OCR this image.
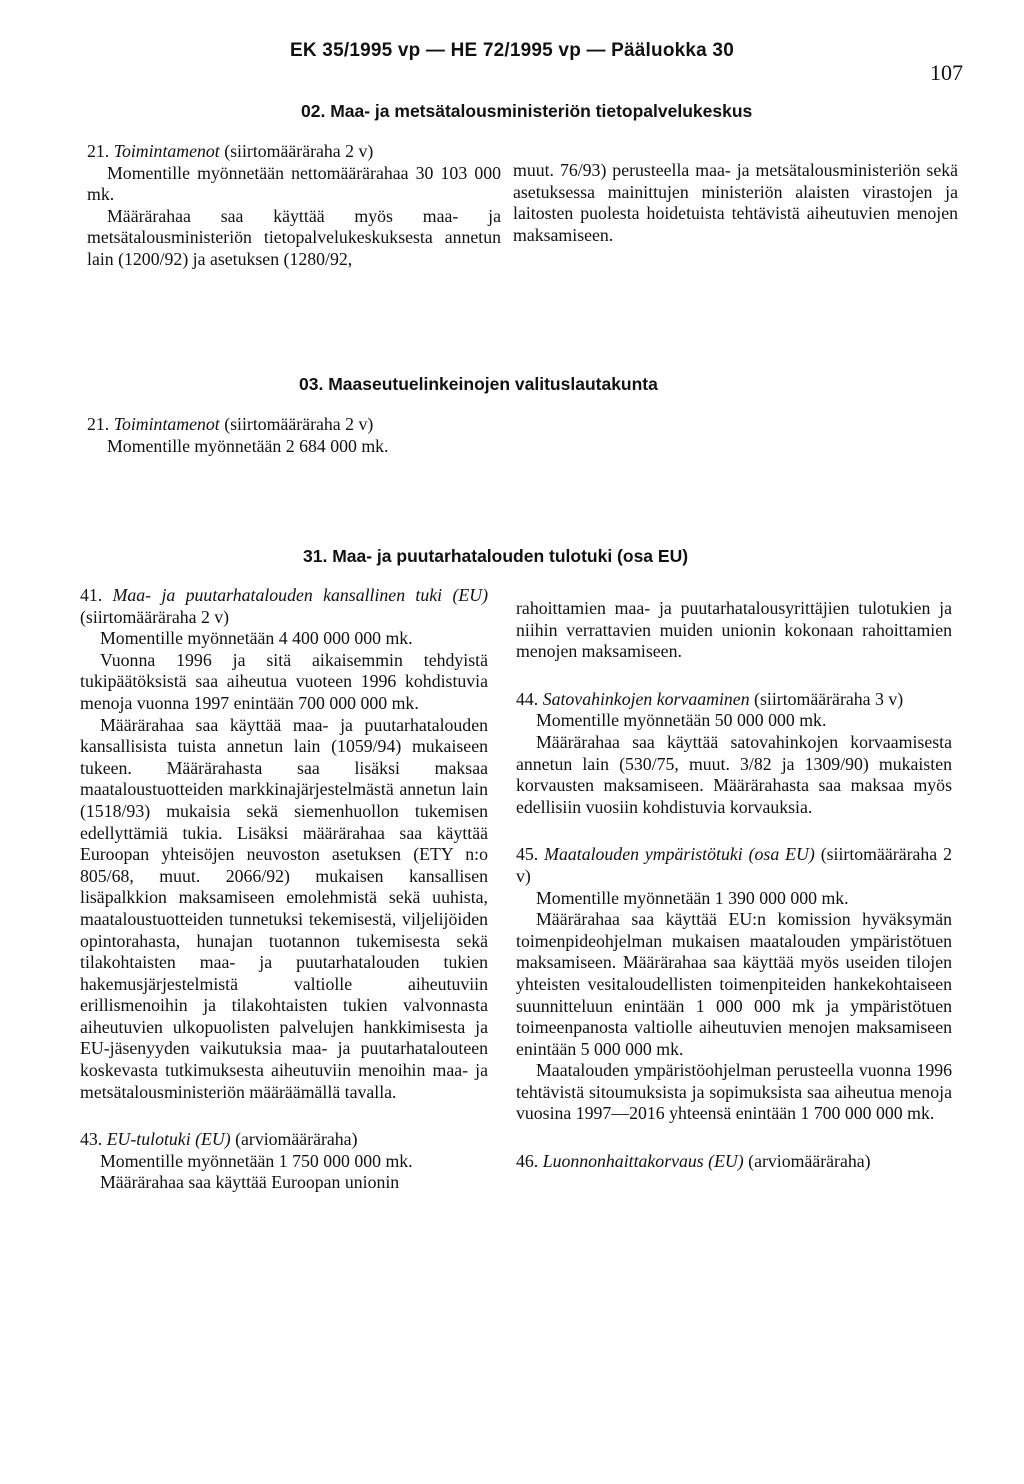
EK 35/1995 vp — HE 72/1995 vp — Pääluokka 30
107
02. Maa- ja metsätalousministeriön tietopalvelukeskus

21. Toimintamenot (siirtomääräraha 2 v)

Momentille myönnetään nettomäärärahaa 30 103 000 mk.

Määrärahaa saa käyttää myös maa- ja metsätalousministeriön tietopalvelukeskuksesta annetun lain (1200/92) ja asetuksen (1280/92,

muut. 76/93) perusteella maa- ja metsätalousministeriön sekä asetuksessa mainittujen ministeriön alaisten virastojen ja laitosten puolesta hoidetuista tehtävistä aiheutuvien menojen maksamiseen.

03. Maaseutuelinkeinojen valituslautakunta

21. Toimintamenot (siirtomääräraha 2 v)

Momentille myönnetään 2 684 000 mk.

31. Maa- ja puutarhatalouden tulotuki (osa EU)

41. Maa- ja puutarhatalouden kansallinen tuki (EU) (siirtomääräraha 2 v)

Momentille myönnetään 4 400 000 000 mk.

Vuonna 1996 ja sitä aikaisemmin tehdyistä tukipäätöksistä saa aiheutua vuoteen 1996 kohdistuvia menoja vuonna 1997 enintään 700 000 000 mk.

Määrärahaa saa käyttää maa- ja puutarhatalouden kansallisista tuista annetun lain (1059/94) mukaiseen tukeen. Määrärahasta saa lisäksi maksaa maataloustuotteiden markkinajärjestelmästä annetun lain (1518/93) mukaisia sekä siemenhuollon tukemisen edellyttämiä tukia. Lisäksi määrärahaa saa käyttää Euroopan yhteisöjen neuvoston asetuksen (ETY n:o 805/68, muut. 2066/92) mukaisen kansallisen lisäpalkkion maksamiseen emolehmistä sekä uuhista, maataloustuotteiden tunnetuksi tekemisestä, viljelijöiden opintorahasta, hunajan tuotannon tukemisesta sekä tilakohtaisten maa- ja puutarhatalouden tukien hakemusjärjestelmistä valtiolle aiheutuviin erillismenoihin ja tilakohtaisten tukien valvonnasta aiheutuvien ulkopuolisten palvelujen hankkimisesta ja EU-jäsenyyden vaikutuksia maa- ja puutarhatalouteen koskevasta tutkimuksesta aiheutuviin menoihin maa- ja metsätalousministeriön määräämällä tavalla.

43. EU-tulotuki (EU) (arviomääräraha)

Momentille myönnetään 1 750 000 000 mk.

Määrärahaa saa käyttää Euroopan unionin

rahoittamien maa- ja puutarhatalousyrittäjien tulotukien ja niihin verrattavien muiden unionin kokonaan rahoittamien menojen maksamiseen.

44. Satovahinkojen korvaaminen (siirtomääräraha 3 v)

Momentille myönnetään 50 000 000 mk.

Määrärahaa saa käyttää satovahinkojen korvaamisesta annetun lain (530/75, muut. 3/82 ja 1309/90) mukaisten korvausten maksamiseen. Määrärahasta saa maksaa myös edellisiin vuosiin kohdistuvia korvauksia.

45. Maatalouden ympäristötuki (osa EU) (siirtomääräraha 2 v)

Momentille myönnetään 1 390 000 000 mk.

Määrärahaa saa käyttää EU:n komission hyväksymän toimenpideohjelman mukaisen maatalouden ympäristötuen maksamiseen. Määrärahaa saa käyttää myös useiden tilojen yhteisten vesitaloudellisten toimenpiteiden hankekohtaiseen suunnitteluun enintään 1 000 000 mk ja ympäristötuen toimeenpanosta valtiolle aiheutuvien menojen maksamiseen enintään 5 000 000 mk.

Maatalouden ympäristöohjelman perusteella vuonna 1996 tehtävistä sitoumuksista ja sopimuksista saa aiheutua menoja vuosina 1997—2016 yhteensä enintään 1 700 000 000 mk.

46. Luonnonhaittakorvaus (EU) (arviomääräraha)
